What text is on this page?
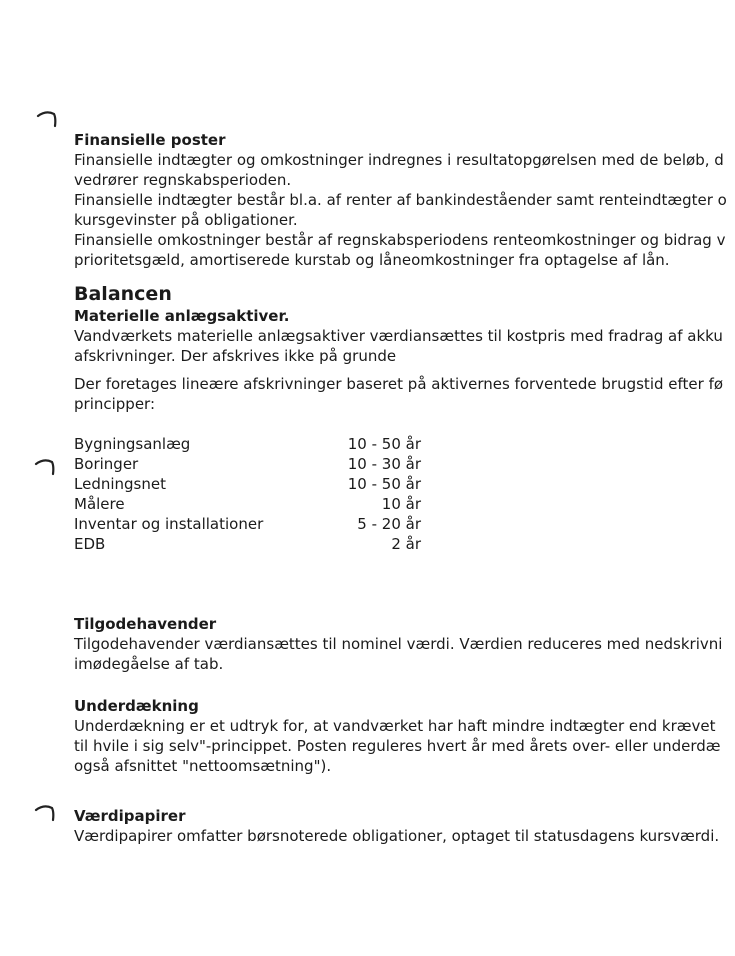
Finansielle poster

Finansielle indtægter og omkostninger indregnes i resultatopgørelsen med de beløb, d
vedrører regnskabsperioden.
Finansielle indtægter består bl.a. af renter af bankindeståender samt renteindtægter o
kursgevinster på obligationer.
Finansielle omkostninger består af regnskabsperiodens renteomkostninger og bidrag v
prioritetsgæld, amortiserede kurstab og låneomkostninger fra optagelse af lån.

Balancen

Materielle anlægsaktiver.

Vandværkets materielle anlægsaktiver værdiansættes til kostpris med fradrag af akku
afskrivninger. Der afskrives ikke på grunde

Der foretages lineære afskrivninger baseret på aktivernes forventede brugstid efter fø
principper:

Bygningsanlæg	10 - 50 år
Boringer	10 - 30 år
Ledningsnet	10 - 50 år
Målere	10 år
Inventar og installationer	5 - 20 år
EDB	2 år

Tilgodehavender

Tilgodehavender værdiansættes til nominel værdi. Værdien reduceres med nedskrivni
imødegåelse af tab.

Underdækning

Underdækning er et udtryk for, at vandværket har haft mindre indtægter end krævet
til hvile i sig selv"-princippet. Posten reguleres hvert år med årets over- eller underdæ
også afsnittet "nettoomsætning").

Værdipapirer

Værdipapirer omfatter børsnoterede obligationer, optaget til statusdagens kursværdi.
